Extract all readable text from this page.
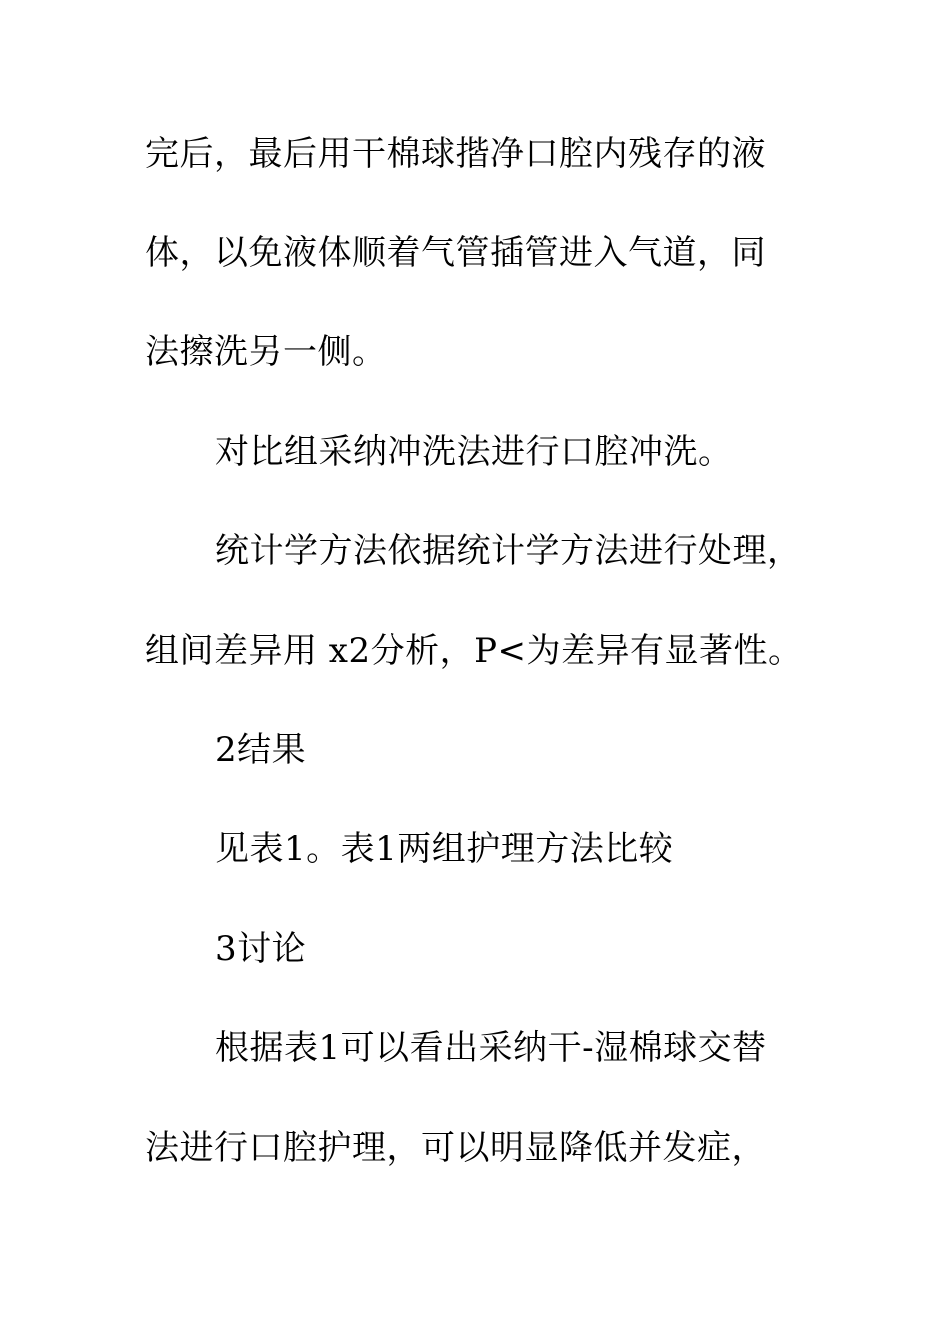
完后，最后用干棉球揩净口腔内残存的液
体，以免液体顺着气管插管进入气道，同
法擦洗另一侧。
对比组采纳冲洗法进行口腔冲洗。
统计学方法依据统计学方法进行处理，
组间差异用 x2分析，P<为差异有显著性。
2结果
见表1。表1两组护理方法比较
3讨论
根据表1可以看出采纳干-湿棉球交替
法进行口腔护理，可以明显降低并发症，
